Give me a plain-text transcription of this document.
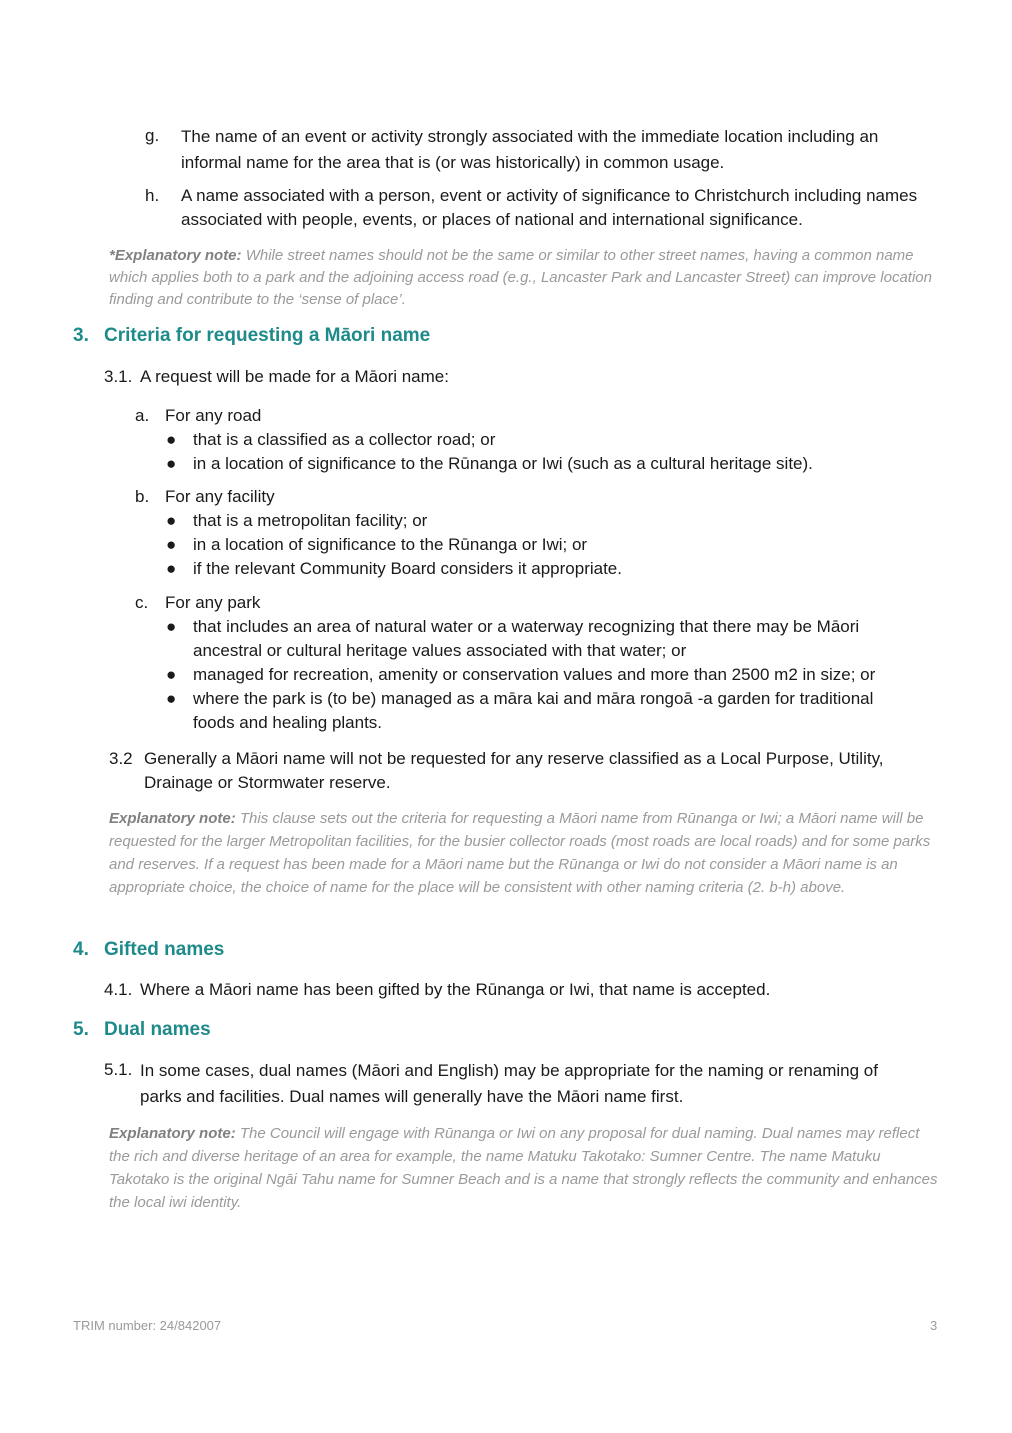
g. The name of an event or activity strongly associated with the immediate location including an informal name for the area that is (or was historically) in common usage.
h. A name associated with a person, event or activity of significance to Christchurch including names associated with people, events, or places of national and international significance.
*Explanatory note: While street names should not be the same or similar to other street names, having a common name which applies both to a park and the adjoining access road (e.g., Lancaster Park and Lancaster Street) can improve location finding and contribute to the ‘sense of place’.
3. Criteria for requesting a Māori name
3.1. A request will be made for a Māori name:
a. For any road
● that is a classified as a collector road; or
● in a location of significance to the Rūnanga or Iwi (such as a cultural heritage site).
b. For any facility
● that is a metropolitan facility; or
● in a location of significance to the Rūnanga or Iwi; or
● if the relevant Community Board considers it appropriate.
c. For any park
● that includes an area of natural water or a waterway recognizing that there may be Māori ancestral or cultural heritage values associated with that water; or
● managed for recreation, amenity or conservation values and more than 2500 m2 in size; or
● where the park is (to be) managed as a māra kai and māra rongoā -a garden for traditional foods and healing plants.
3.2 Generally a Māori name will not be requested for any reserve classified as a Local Purpose, Utility, Drainage or Stormwater reserve.
Explanatory note: This clause sets out the criteria for requesting a Māori name from Rūnanga or Iwi; a Māori name will be requested for the larger Metropolitan facilities, for the busier collector roads (most roads are local roads) and for some parks and reserves. If a request has been made for a Māori name but the Rūnanga or Iwi do not consider a Māori name is an appropriate choice, the choice of name for the place will be consistent with other naming criteria (2. b-h) above.
4. Gifted names
4.1. Where a Māori name has been gifted by the Rūnanga or Iwi, that name is accepted.
5. Dual names
5.1. In some cases, dual names (Māori and English) may be appropriate for the naming or renaming of parks and facilities. Dual names will generally have the Māori name first.
Explanatory note: The Council will engage with Rūnanga or Iwi on any proposal for dual naming. Dual names may reflect the rich and diverse heritage of an area for example, the name Matuku Takotako: Sumner Centre. The name Matuku Takotako is the original Ngāi Tahu name for Sumner Beach and is a name that strongly reflects the community and enhances the local iwi identity.
TRIM number: 24/842007	3
